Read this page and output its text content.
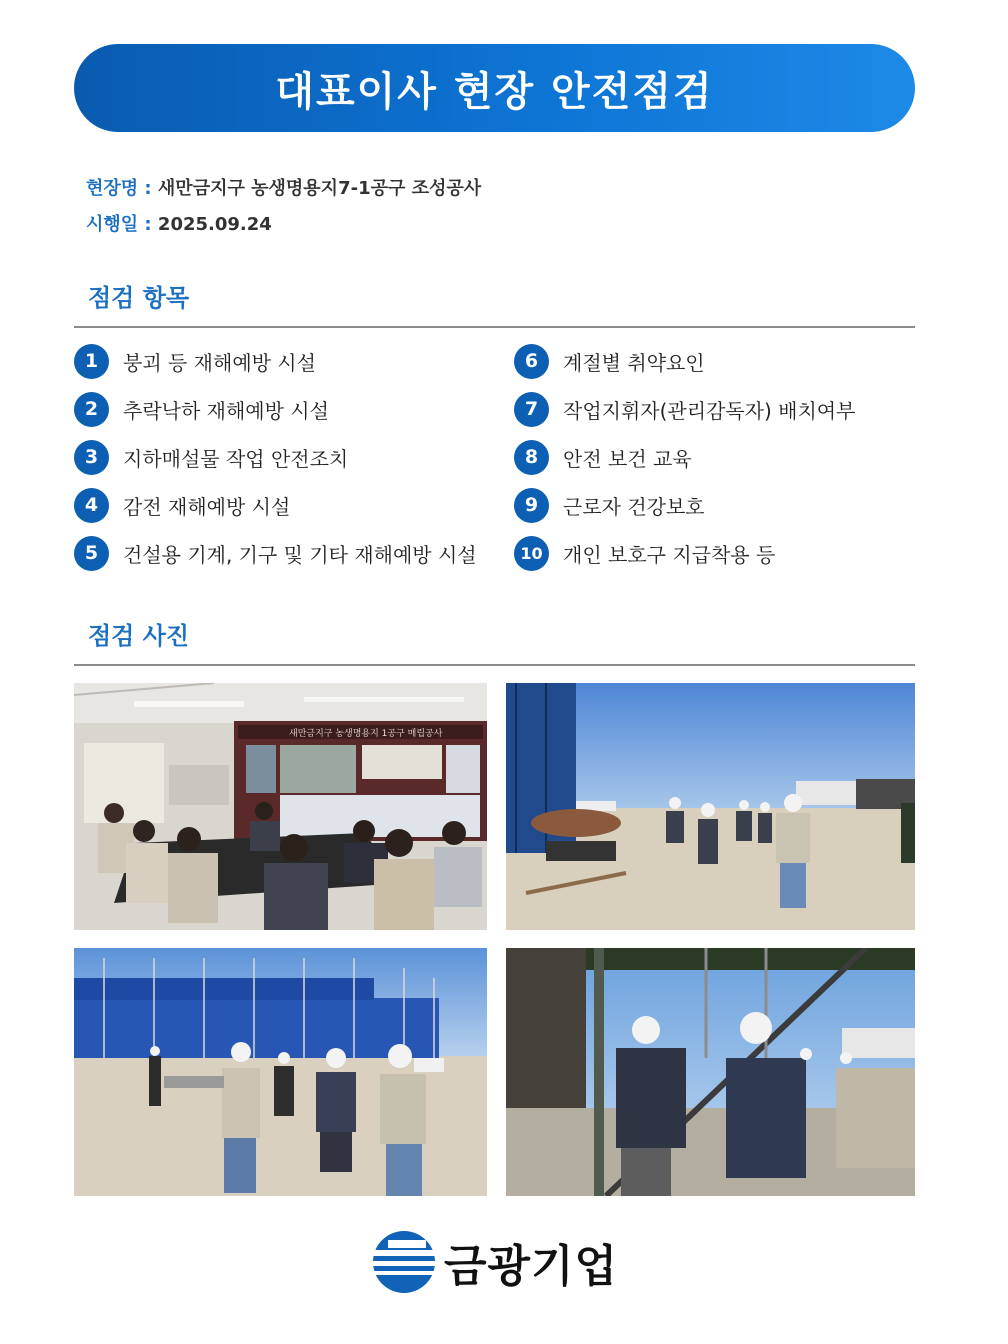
대표이사 현장 안전점검
현장명 : 새만금지구 농생명용지7-1공구 조성공사
시행일 : 2025.09.24
점검 항목
1	붕괴 등 재해예방 시설
2	추락낙하 재해예방 시설
3	지하매설물 작업 안전조치
4	감전 재해예방 시설
5	건설용 기계, 기구 및 기타 재해예방 시설
6	계절별 취약요인
7	작업지휘자(관리감독자) 배치여부
8	안전 보건 교육
9	근로자 건강보호
10	개인 보호구 지급착용 등
점검 사진
새만금지구 농생명용지 1공구 매립공사
금광기업
